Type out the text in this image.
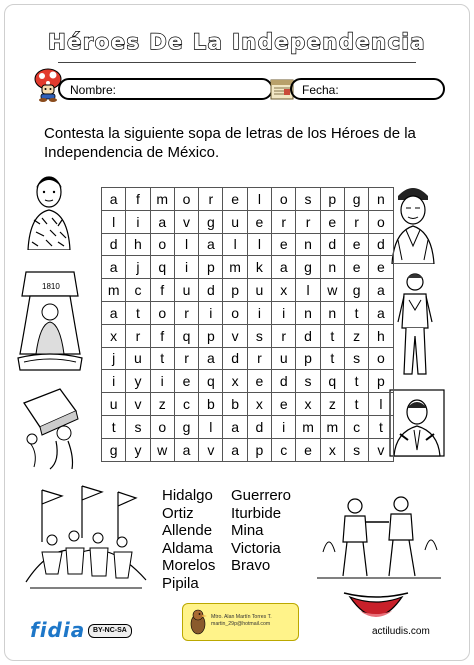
Héroes De La Independencia
Nombre:	Fecha:
Contesta la siguiente sopa de letras de los Héroes de la Independencia de México.
1810
a	f	m	o	r	e	l	o	s	p	g	n
l	i	a	v	g	u	e	r	r	e	r	o
d	h	o	l	a	l	l	e	n	d	e	d
a	j	q	i	p	m	k	a	g	n	e	e
m	c	f	u	d	p	u	x	l	w	g	a
a	t	o	r	i	o	i	i	n	n	t	a
x	r	f	q	p	v	s	r	d	t	z	h
j	u	t	r	a	d	r	u	p	t	s	o
i	y	i	e	q	x	e	d	s	q	t	p
u	v	z	c	b	b	x	e	x	z	t	l
t	s	o	g	l	a	d	i	m	m	c	t
g	y	w	a	v	a	p	c	e	x	s	v
Hidalgo
Ortiz
Allende
Aldama
Morelos
Pipila
Guerrero
Iturbide
Mina
Victoria
Bravo
fidia	BY-NC-SA
Mtro. Alan Martín Torres T.
martin_29p@hotmail.com
actiludis.com
